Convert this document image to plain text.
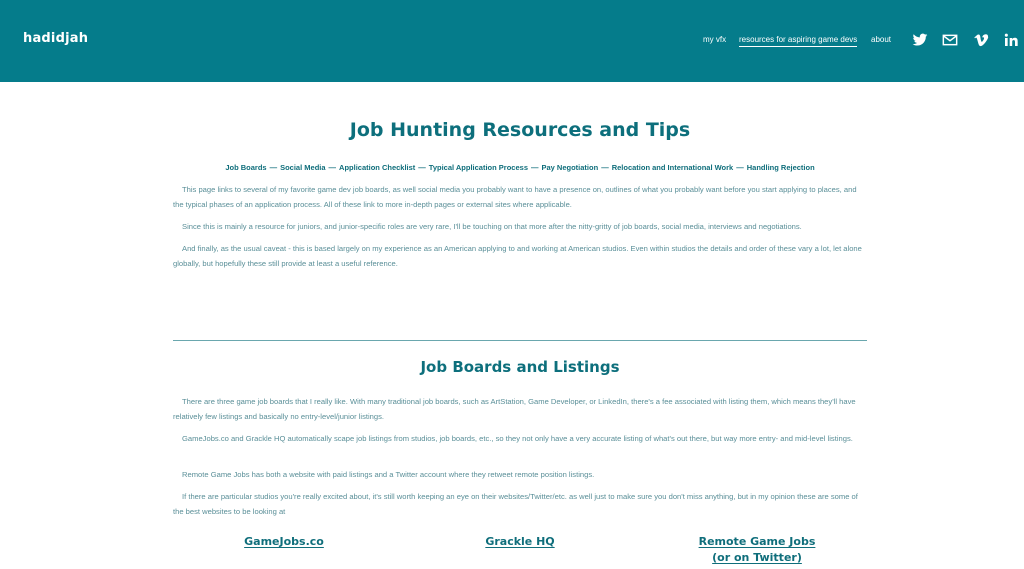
hadidjah	my vfx resources for aspiring game devs about
Job Hunting Resources and Tips
Job Boards — Social Media — Application Checklist — Typical Application Process — Pay Negotiation — Relocation and International Work — Handling Rejection

This page links to several of my favorite game dev job boards, as well social media you probably want to have a presence on, outlines of what you probably want before you start applying to places, and the typical phases of an application process. All of these link to more in-depth pages or external sites where applicable.

Since this is mainly a resource for juniors, and junior-specific roles are very rare, I'll be touching on that more after the nitty-gritty of job boards, social media, interviews and negotiations.

And finally, as the usual caveat - this is based largely on my experience as an American applying to and working at American studios. Even within studios the details and order of these vary a lot, let alone globally, but hopefully these still provide at least a useful reference.

Job Boards and Listings

There are three game job boards that I really like. With many traditional job boards, such as ArtStation, Game Developer, or LinkedIn, there's a fee associated with listing them, which means they'll have relatively few listings and basically no entry-level/junior listings.

GameJobs.co and Grackle HQ automatically scape job listings from studios, job boards, etc., so they not only have a very accurate listing of what's out there, but way more entry- and mid-level listings.

Remote Game Jobs has both a website with paid listings and a Twitter account where they retweet remote position listings.

If there are particular studios you're really excited about, it's still worth keeping an eye on their websites/Twitter/etc. as well just to make sure you don't miss anything, but in my opinion these are some of the best websites to be looking at

GameJobs.co	Grackle HQ	Remote Game Jobs
(or on Twitter)
